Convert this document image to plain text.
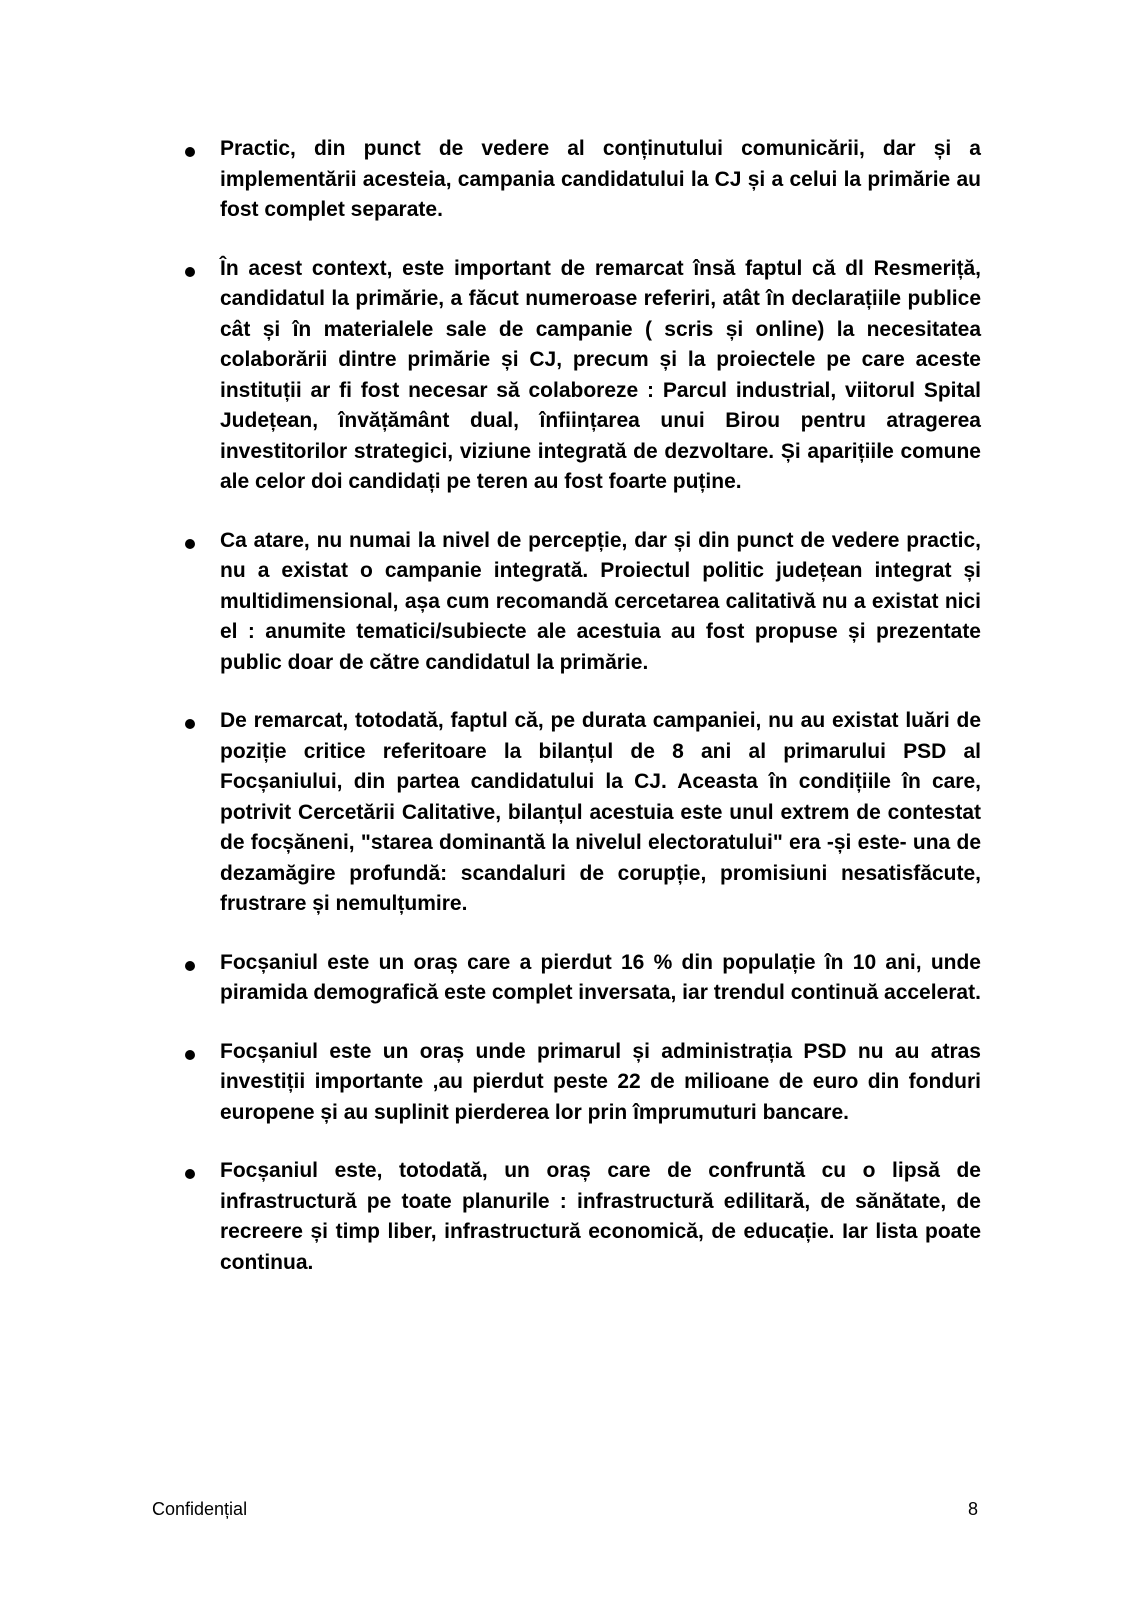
Practic, din punct de vedere al conținutului comunicării, dar și a implementării acesteia, campania candidatului la CJ și a celui la primărie au fost complet separate.
În acest context, este important de remarcat însă faptul că dl Resmeriță, candidatul la primărie, a făcut numeroase referiri, atât în declarațiile publice cât și în materialele sale de campanie ( scris și online) la necesitatea colaborării dintre primărie și CJ, precum și la proiectele pe care aceste instituții ar fi fost necesar să colaboreze : Parcul industrial, viitorul Spital Județean, învățământ dual, înființarea unui Birou pentru atragerea investitorilor strategici, viziune integrată de dezvoltare. Și aparițiile comune ale celor doi candidați pe teren au fost foarte puține.
Ca atare, nu numai la nivel de percepție, dar și din punct de vedere practic, nu a existat o campanie integrată. Proiectul politic județean integrat și multidimensional, așa cum recomandă cercetarea calitativă nu a existat nici el : anumite tematici/subiecte ale acestuia au fost propuse și prezentate public doar de către candidatul la primărie.
De remarcat, totodată, faptul că, pe durata campaniei, nu au existat luări de poziție critice referitoare la bilanțul de 8 ani al primarului PSD al Focșaniului, din partea candidatului la CJ. Aceasta în condițiile în care, potrivit Cercetării Calitative, bilanțul acestuia este unul extrem de contestat de focșăneni, "starea dominantă la nivelul electoratului" era -și este- una de dezamăgire profundă: scandaluri de corupție, promisiuni nesatisfăcute, frustrare și nemulțumire.
Focșaniul este un oraș care a pierdut 16 % din populație în 10 ani, unde piramida demografică este complet inversata, iar trendul continuă accelerat.
Focșaniul este un oraș unde primarul și administrația PSD nu au atras investiții importante ,au pierdut peste 22 de milioane de euro din fonduri europene și au suplinit pierderea lor prin împrumuturi bancare.
Focșaniul este, totodată, un oraș care de confruntă cu o lipsă de infrastructură pe toate planurile : infrastructură edilitară, de sănătate, de recreere și timp liber, infrastructură economică, de educație. Iar lista poate continua.
Confidențial	8
